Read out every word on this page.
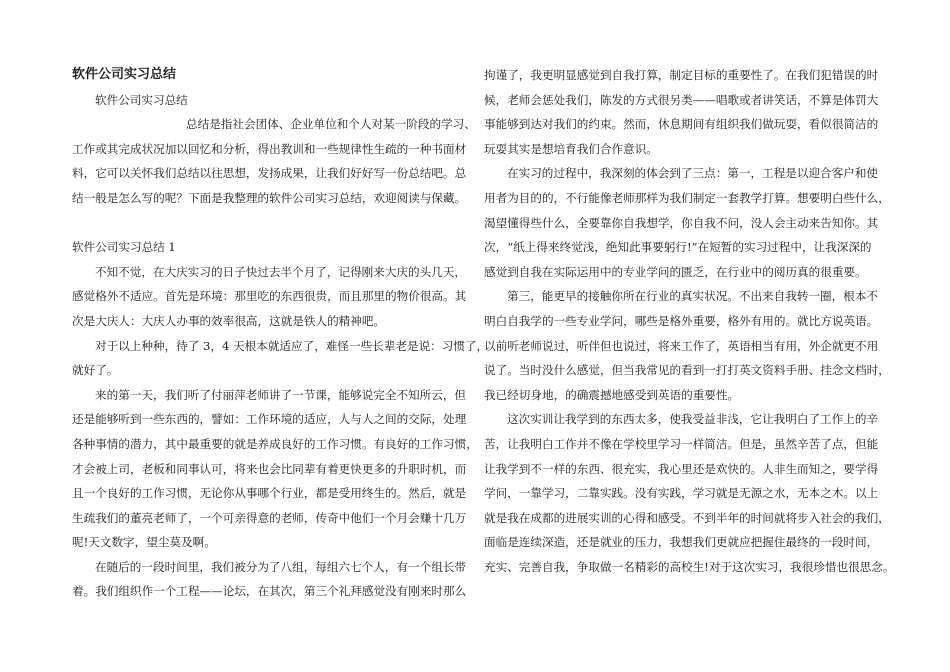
软件公司实习总结
软件公司实习总结
总结是指社会团体、企业单位和个人对某一阶段的学习、
工作或其完成状况加以回忆和分析，得出教训和一些规律性生疏的一种书面材
料，它可以关怀我们总结以往思想，发扬成果，让我们好好写一份总结吧。总
结一般是怎么写的呢？下面是我整理的软件公司实习总结，欢迎阅读与保藏。
软件公司实习总结 1
不知不觉，在大庆实习的日子快过去半个月了，记得刚来大庆的头几天，
感觉格外不适应。首先是环境：那里吃的东西很贵，而且那里的物价很高。其
次是大庆人：大庆人办事的效率很高，这就是铁人的精神吧。
对于以上种种，待了 3，4 天根本就适应了，难怪一些长辈老是说：习惯了，
就好了。
来的第一天，我们听了付丽萍老师讲了一节课，能够说完全不知所云，但
还是能够听到一些东西的，譬如：工作环境的适应，人与人之间的交际，处理
各种事情的潜力，其中最重要的就是养成良好的工作习惯。有良好的工作习惯，
才会被上司，老板和同事认可，将来也会比同辈有着更快更多的升职时机，而
且一个良好的工作习惯，无论你从事哪个行业，都是受用终生的。然后，就是
生疏我们的董亮老师了，一个可亲得意的老师，传奇中他们一个月会赚十几万
呢!天文数字，望尘莫及啊。
在随后的一段时间里，我们被分为了八组，每组六七个人，有一个组长带
着。我们组织作一个工程——论坛，在其次，第三个礼拜感觉没有刚来时那么
拘谨了，我更明显感觉到自我打算，制定目标的重要性了。在我们犯错误的时
候，老师会惩处我们，陈发的方式很另类——唱歌或者讲笑话，不算是体罚大
事能够到达对我们的约束。然而，休息期间有组织我们做玩耍，看似很简洁的
玩耍其实是想培育我们合作意识。
在实习的过程中，我深刻的体会到了三点：第一，工程是以迎合客户和使
用者为目的的，不行能像老师那样为我们制定一套教学打算。想要明白些什么，
渴望懂得些什么，全要靠你自我想学，你自我不问，没人会主动来告知你。其
次，“纸上得来终觉浅，绝知此事要躬行!”在短暂的实习过程中，让我深深的
感觉到自我在实际运用中的专业学问的匮乏，在行业中的阅历真的很重要。
第三，能更早的接触你所在行业的真实状况。不出来自我转一圈，根本不
明白自我学的一些专业学问，哪些是格外重要，格外有用的。就比方说英语。
以前听老师说过，听伴但也说过，将来工作了，英语相当有用，外企就更不用
说了。当时没什么感觉，但当我常见的看到一打打英文资料手册、挂念文档时，
我已经切身地，的确震撼地感受到英语的重要性。
这次实训让我学到的东西太多，使我受益非浅，它让我明白了工作上的辛
苦，让我明白工作并不像在学校里学习一样简洁。但是，虽然辛苦了点，但能
让我学到不一样的东西、很充实，我心里还是欢快的。人非生而知之，要学得
学问，一靠学习，二靠实践。没有实践，学习就是无源之水，无本之木。以上
就是我在成都的进展实训的心得和感受。不到半年的时间就将步入社会的我们，
面临是连续深造，还是就业的压力，我想我们更就应把握住最终的一段时间，
充实、完善自我，争取做一名精彩的高校生!对于这次实习，我很珍惜也很思念。
